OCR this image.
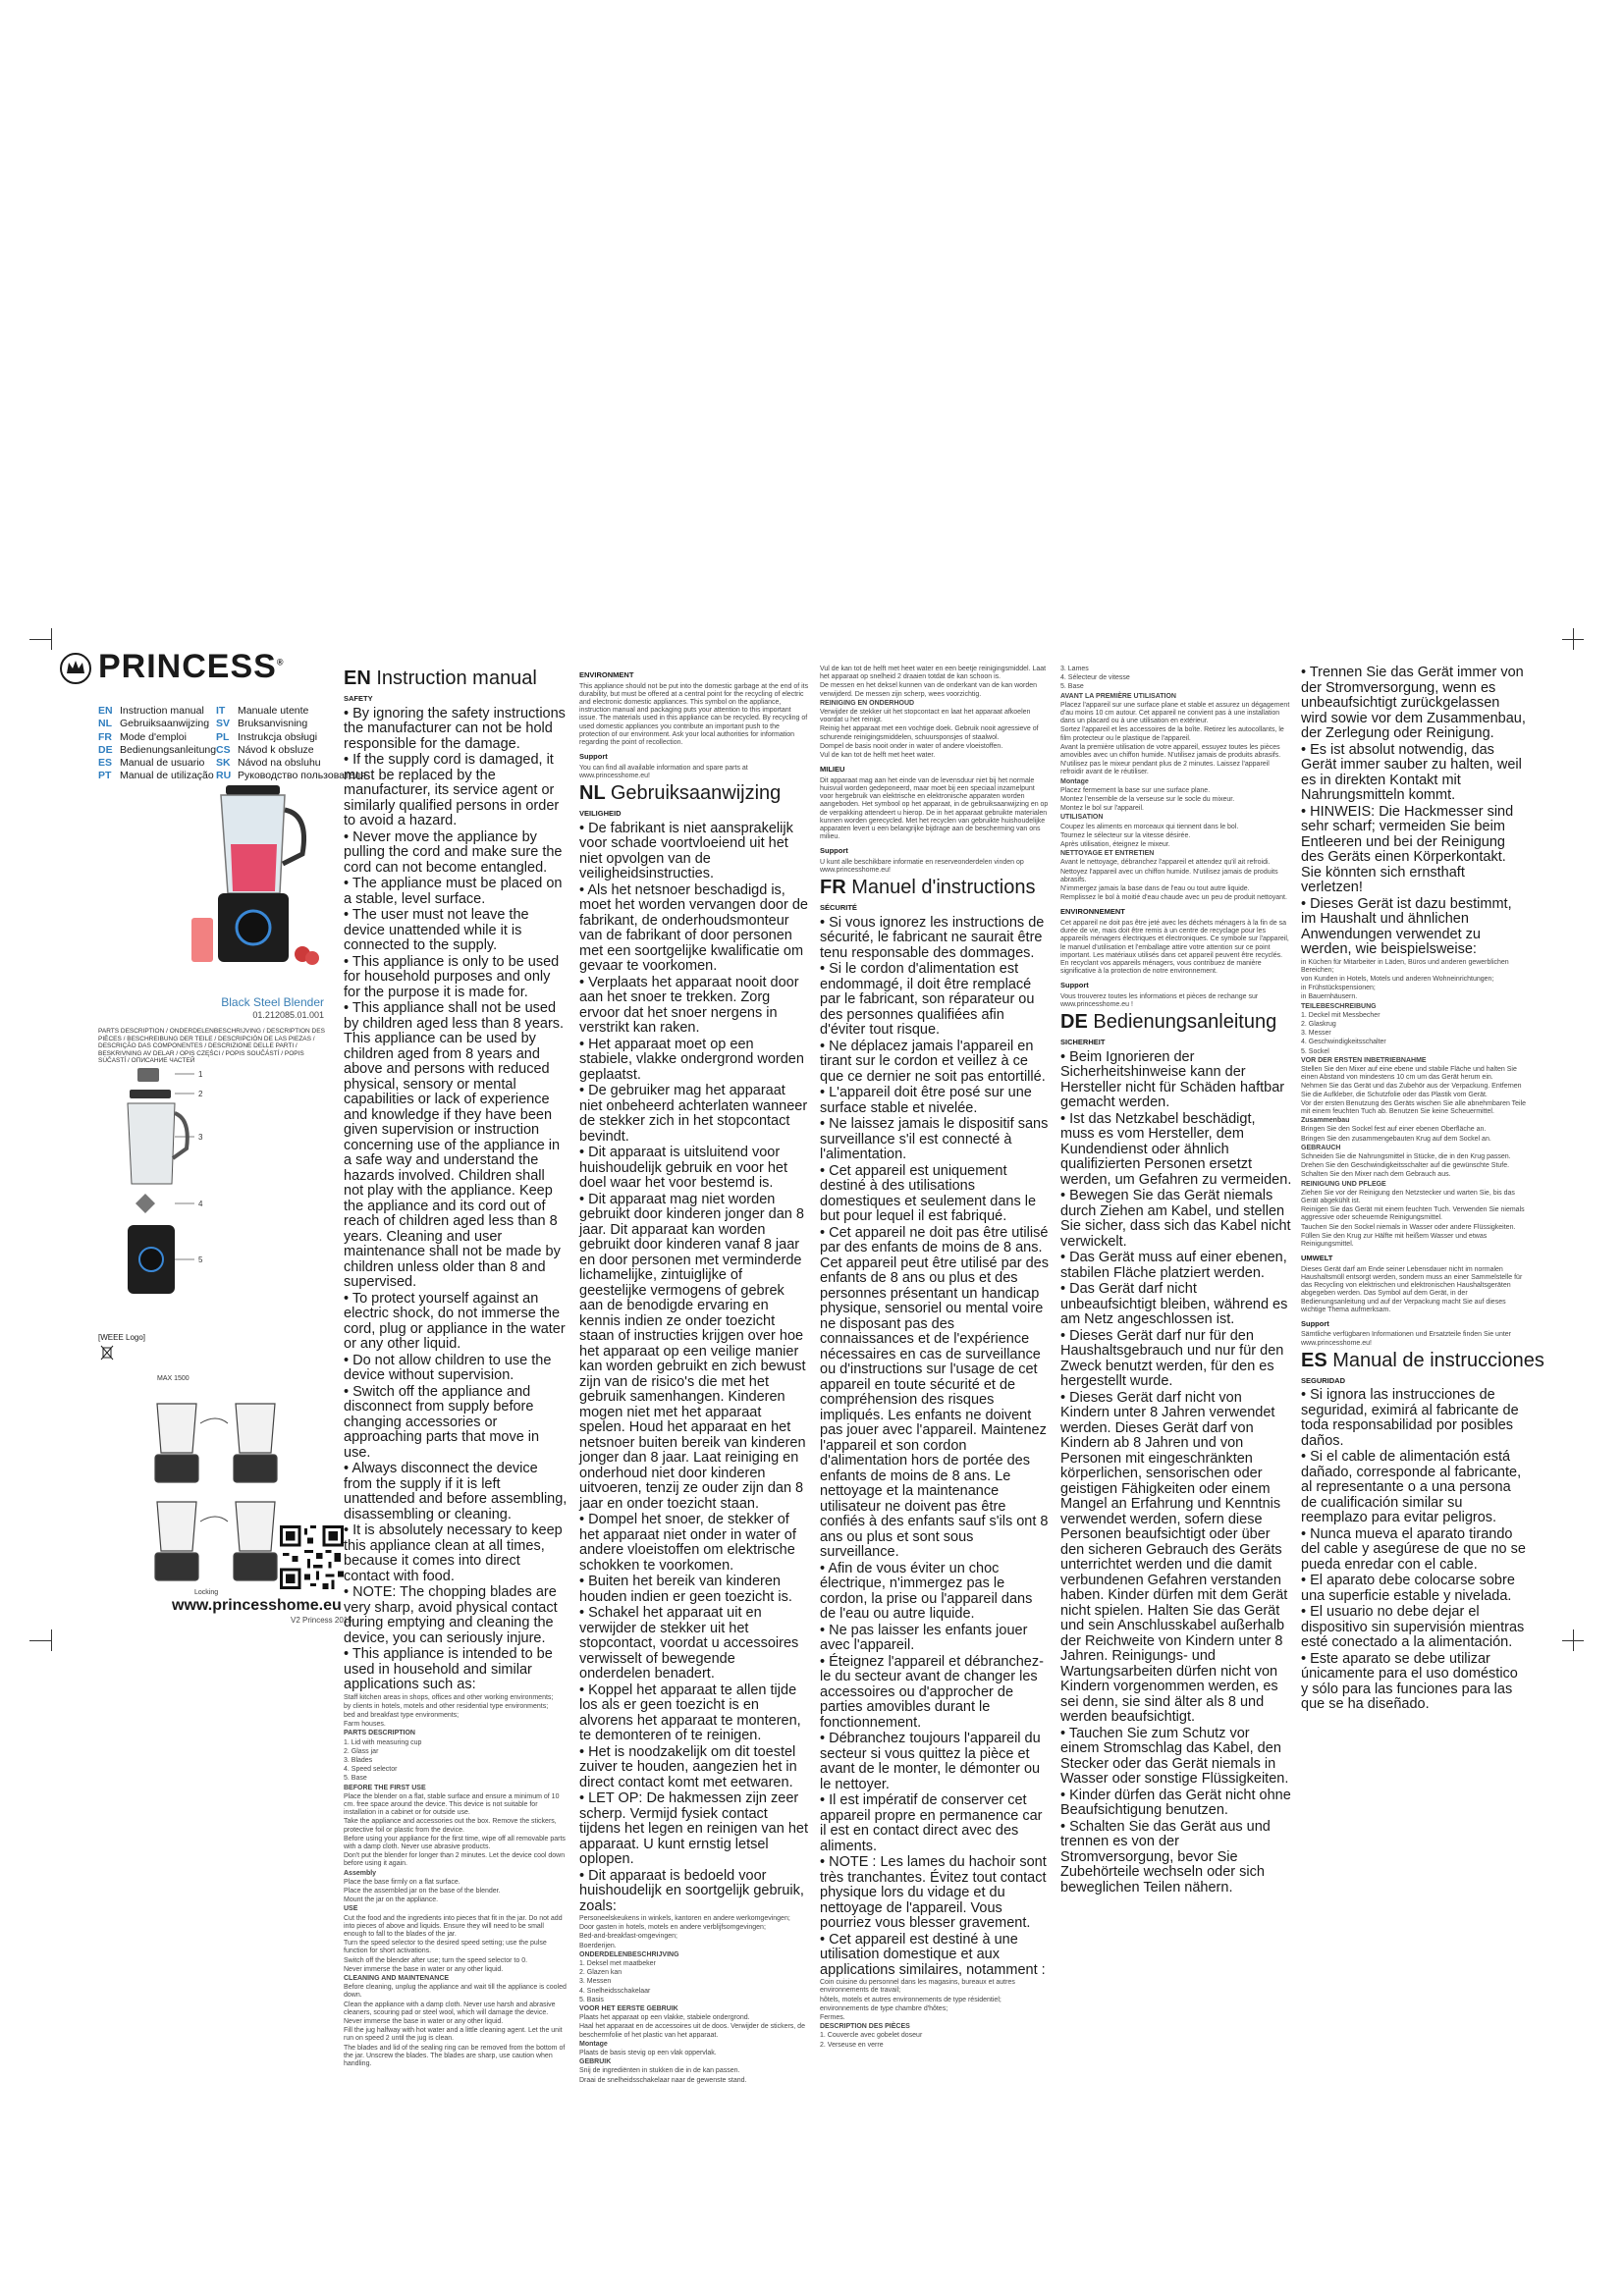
PRINCESS®
EN Instruction manual
NL Gebruiksaanwijzing
FR Mode d'emploi
DE Bedienungsanleitung
ES Manual de usuario
PT Manual de utilização
IT Manuale utente
SV Bruksanvisning
PL Instrukcja obsługi
CS Návod k obsluze
SK Návod na obsluhu
RU Руководство пользователя
Black Steel Blender
01.212085.01.001
PARTS DESCRIPTION / ONDERDELENBESCHRIJVING / DESCRIPTION DES PIÈCES / BESCHREIBUNG DER TEILE / DESCRIPCIÓN DE LAS PIEZAS / DESCRIÇÃO DAS COMPONENTES / DESCRIZIONE DELLE PARTI / BESKRIVNING AV DELAR / OPIS CZĘŚCI / POPIS SOUČÁSTÍ / POPIS SÚČASTÍ / ОПИСАНИЕ ЧАСТЕЙ
1
2
3
4
5
[WEEE Logo]
MAX 1500
Locking
www.princesshome.eu
V2 Princess 2015
EN Instruction manual
SAFETY

• By ignoring the safety instructions the manufacturer can not be hold responsible for the damage.

• If the supply cord is damaged, it must be replaced by the manufacturer, its service agent or similarly qualified persons in order to avoid a hazard.

• Never move the appliance by pulling the cord and make sure the cord can not become entangled.

• The appliance must be placed on a stable, level surface.

• The user must not leave the device unattended while it is connected to the supply.

• This appliance is only to be used for household purposes and only for the purpose it is made for.

• This appliance shall not be used by children aged less than 8 years. This appliance can be used by children aged from 8 years and above and persons with reduced physical, sensory or mental capabilities or lack of experience and knowledge if they have been given supervision or instruction concerning use of the appliance in a safe way and understand the hazards involved. Children shall not play with the appliance. Keep the appliance and its cord out of reach of children aged less than 8 years. Cleaning and user maintenance shall not be made by children unless older than 8 and supervised.

• To protect yourself against an electric shock, do not immerse the cord, plug or appliance in the water or any other liquid.

• Do not allow children to use the device without supervision.

• Switch off the appliance and disconnect from supply before changing accessories or approaching parts that move in use.

• Always disconnect the device from the supply if it is left unattended and before assembling, disassembling or cleaning.

• It is absolutely necessary to keep this appliance clean at all times, because it comes into direct contact with food.

• NOTE: The chopping blades are very sharp, avoid physical contact during emptying and cleaning the device, you can seriously injure.

• This appliance is intended to be used in household and similar applications such as:

Staff kitchen areas in shops, offices and other working environments;

by clients in hotels, motels and other residential type environments;

bed and breakfast type environments;

Farm houses.

PARTS DESCRIPTION

1. Lid with measuring cup

2. Glass jar

3. Blades

4. Speed selector

5. Base

BEFORE THE FIRST USE

Place the blender on a flat, stable surface and ensure a minimum of 10 cm. free space around the device. This device is not suitable for installation in a cabinet or for outside use.

Take the appliance and accessories out the box. Remove the stickers, protective foil or plastic from the device.

Before using your appliance for the first time, wipe off all removable parts with a damp cloth. Never use abrasive products.

Don't put the blender for longer than 2 minutes. Let the device cool down before using it again.

Assembly

Place the base firmly on a flat surface.

Place the assembled jar on the base of the blender.

Mount the jar on the appliance.

USE

Cut the food and the ingredients into pieces that fit in the jar. Do not add into pieces of above and liquids. Ensure they will need to be small enough to fall to the blades of the jar.

Turn the speed selector to the desired speed setting; use the pulse function for short activations.

Switch off the blender after use; turn the speed selector to 0.

Never immerse the base in water or any other liquid.

CLEANING AND MAINTENANCE

Before cleaning, unplug the appliance and wait till the appliance is cooled down.

Clean the appliance with a damp cloth. Never use harsh and abrasive cleaners, scouring pad or steel wool, which will damage the device.

Never immerse the base in water or any other liquid.

Fill the jug halfway with hot water and a little cleaning agent. Let the unit run on speed 2 until the jug is clean.

The blades and lid of the sealing ring can be removed from the bottom of the jar. Unscrew the blades. The blades are sharp, use caution when handling.

ENVIRONMENT

This appliance should not be put into the domestic garbage at the end of its durability, but must be offered at a central point for the recycling of electric and electronic domestic appliances. This symbol on the appliance, instruction manual and packaging puts your attention to this important issue. The materials used in this appliance can be recycled. By recycling of used domestic appliances you contribute an important push to the protection of our environment. Ask your local authorities for information regarding the point of recollection.

Support

You can find all available information and spare parts at www.princesshome.eu!

NL Gebruiksaanwijzing
VEILIGHEID

• De fabrikant is niet aansprakelijk voor schade voortvloeiend uit het niet opvolgen van de veiligheidsinstructies.

• Als het netsnoer beschadigd is, moet het worden vervangen door de fabrikant, de onderhoudsmonteur van de fabrikant of door personen met een soortgelijke kwalificatie om gevaar te voorkomen.

• Verplaats het apparaat nooit door aan het snoer te trekken. Zorg ervoor dat het snoer nergens in verstrikt kan raken.

• Het apparaat moet op een stabiele, vlakke ondergrond worden geplaatst.

• De gebruiker mag het apparaat niet onbeheerd achterlaten wanneer de stekker zich in het stopcontact bevindt.

• Dit apparaat is uitsluitend voor huishoudelijk gebruik en voor het doel waar het voor bestemd is.

• Dit apparaat mag niet worden gebruikt door kinderen jonger dan 8 jaar. Dit apparaat kan worden gebruikt door kinderen vanaf 8 jaar en door personen met verminderde lichamelijke, zintuiglijke of geestelijke vermogens of gebrek aan de benodigde ervaring en kennis indien ze onder toezicht staan of instructies krijgen over hoe het apparaat op een veilige manier kan worden gebruikt en zich bewust zijn van de risico's die met het gebruik samenhangen. Kinderen mogen niet met het apparaat spelen. Houd het apparaat en het netsnoer buiten bereik van kinderen jonger dan 8 jaar. Laat reiniging en onderhoud niet door kinderen uitvoeren, tenzij ze ouder zijn dan 8 jaar en onder toezicht staan.

• Dompel het snoer, de stekker of het apparaat niet onder in water of andere vloeistoffen om elektrische schokken te voorkomen.

• Buiten het bereik van kinderen houden indien er geen toezicht is.

• Schakel het apparaat uit en verwijder de stekker uit het stopcontact, voordat u accessoires verwisselt of bewegende onderdelen benadert.

• Koppel het apparaat te allen tijde los als er geen toezicht is en alvorens het apparaat te monteren, te demonteren of te reinigen.

• Het is noodzakelijk om dit toestel zuiver te houden, aangezien het in direct contact komt met eetwaren.

• LET OP: De hakmessen zijn zeer scherp. Vermijd fysiek contact tijdens het legen en reinigen van het apparaat. U kunt ernstig letsel oplopen.

• Dit apparaat is bedoeld voor huishoudelijk en soortgelijk gebruik, zoals:

Personeelskeukens in winkels, kantoren en andere werkomgevingen;

Door gasten in hotels, motels en andere verblijfsomgevingen;

Bed-and-breakfast-omgevingen;

Boerderijen.

ONDERDELENBESCHRIJVING

1. Deksel met maatbeker

2. Glazen kan

3. Messen

4. Snelheidsschakelaar

5. Basis

VOOR HET EERSTE GEBRUIK

Plaats het apparaat op een vlakke, stabiele ondergrond.

Haal het apparaat en de accessoires uit de doos. Verwijder de stickers, de beschermfolie of het plastic van het apparaat.

Montage

Plaats de basis stevig op een vlak oppervlak.

GEBRUIK

Snij de ingrediënten in stukken die in de kan passen.

Draai de snelheidsschakelaar naar de gewenste stand.

Vul de kan tot de helft met heet water en een beetje reinigingsmiddel. Laat het apparaat op snelheid 2 draaien totdat de kan schoon is.

De messen en het deksel kunnen van de onderkant van de kan worden verwijderd. De messen zijn scherp, wees voorzichtig.

REINIGING EN ONDERHOUD

Verwijder de stekker uit het stopcontact en laat het apparaat afkoelen voordat u het reinigt.

Reinig het apparaat met een vochtige doek. Gebruik nooit agressieve of schurende reinigingsmiddelen, schuursponsjes of staalwol.

Dompel de basis nooit onder in water of andere vloeistoffen.

Vul de kan tot de helft met heet water.

MILIEU

Dit apparaat mag aan het einde van de levensduur niet bij het normale huisvuil worden gedeponeerd, maar moet bij een speciaal inzamelpunt voor hergebruik van elektrische en elektronische apparaten worden aangeboden. Het symbool op het apparaat, in de gebruiksaanwijzing en op de verpakking attendeert u hierop. De in het apparaat gebruikte materialen kunnen worden gerecycled. Met het recyclen van gebruikte huishoudelijke apparaten levert u een belangrijke bijdrage aan de bescherming van ons milieu.

Support

U kunt alle beschikbare informatie en reserveonderdelen vinden op www.princesshome.eu!

FR Manuel d'instructions
SÉCURITÉ

• Si vous ignorez les instructions de sécurité, le fabricant ne saurait être tenu responsable des dommages.

• Si le cordon d'alimentation est endommagé, il doit être remplacé par le fabricant, son réparateur ou des personnes qualifiées afin d'éviter tout risque.

• Ne déplacez jamais l'appareil en tirant sur le cordon et veillez à ce que ce dernier ne soit pas entortillé.

• L'appareil doit être posé sur une surface stable et nivelée.

• Ne laissez jamais le dispositif sans surveillance s'il est connecté à l'alimentation.

• Cet appareil est uniquement destiné à des utilisations domestiques et seulement dans le but pour lequel il est fabriqué.

• Cet appareil ne doit pas être utilisé par des enfants de moins de 8 ans. Cet appareil peut être utilisé par des enfants de 8 ans ou plus et des personnes présentant un handicap physique, sensoriel ou mental voire ne disposant pas des connaissances et de l'expérience nécessaires en cas de surveillance ou d'instructions sur l'usage de cet appareil en toute sécurité et de compréhension des risques impliqués. Les enfants ne doivent pas jouer avec l'appareil. Maintenez l'appareil et son cordon d'alimentation hors de portée des enfants de moins de 8 ans. Le nettoyage et la maintenance utilisateur ne doivent pas être confiés à des enfants sauf s'ils ont 8 ans ou plus et sont sous surveillance.

• Afin de vous éviter un choc électrique, n'immergez pas le cordon, la prise ou l'appareil dans de l'eau ou autre liquide.

• Ne pas laisser les enfants jouer avec l'appareil.

• Éteignez l'appareil et débranchez-le du secteur avant de changer les accessoires ou d'approcher de parties amovibles durant le fonctionnement.

• Débranchez toujours l'appareil du secteur si vous quittez la pièce et avant de le monter, le démonter ou le nettoyer.

• Il est impératif de conserver cet appareil propre en permanence car il est en contact direct avec des aliments.

• NOTE : Les lames du hachoir sont très tranchantes. Évitez tout contact physique lors du vidage et du nettoyage de l'appareil. Vous pourriez vous blesser gravement.

• Cet appareil est destiné à une utilisation domestique et aux applications similaires, notamment :

Coin cuisine du personnel dans les magasins, bureaux et autres environnements de travail;

hôtels, motels et autres environnements de type résidentiel;

environnements de type chambre d'hôtes;

Fermes.

DESCRIPTION DES PIÈCES

1. Couvercle avec gobelet doseur

2. Verseuse en verre

3. Lames

4. Sélecteur de vitesse

5. Base

AVANT LA PREMIÈRE UTILISATION

Placez l'appareil sur une surface plane et stable et assurez un dégagement d'au moins 10 cm autour. Cet appareil ne convient pas à une installation dans un placard ou à une utilisation en extérieur.

Sortez l'appareil et les accessoires de la boîte. Retirez les autocollants, le film protecteur ou le plastique de l'appareil.

Avant la première utilisation de votre appareil, essuyez toutes les pièces amovibles avec un chiffon humide. N'utilisez jamais de produits abrasifs.

N'utilisez pas le mixeur pendant plus de 2 minutes. Laissez l'appareil refroidir avant de le réutiliser.

Montage

Placez fermement la base sur une surface plane.

Montez l'ensemble de la verseuse sur le socle du mixeur.

Montez le bol sur l'appareil.

UTILISATION

Coupez les aliments en morceaux qui tiennent dans le bol.

Tournez le sélecteur sur la vitesse désirée.

Après utilisation, éteignez le mixeur.

NETTOYAGE ET ENTRETIEN

Avant le nettoyage, débranchez l'appareil et attendez qu'il ait refroidi.

Nettoyez l'appareil avec un chiffon humide. N'utilisez jamais de produits abrasifs.

N'immergez jamais la base dans de l'eau ou tout autre liquide.

Remplissez le bol à moitié d'eau chaude avec un peu de produit nettoyant.

ENVIRONNEMENT

Cet appareil ne doit pas être jeté avec les déchets ménagers à la fin de sa durée de vie, mais doit être remis à un centre de recyclage pour les appareils ménagers électriques et électroniques. Ce symbole sur l'appareil, le manuel d'utilisation et l'emballage attire votre attention sur ce point important. Les matériaux utilisés dans cet appareil peuvent être recyclés. En recyclant vos appareils ménagers, vous contribuez de manière significative à la protection de notre environnement.

Support

Vous trouverez toutes les informations et pièces de rechange sur www.princesshome.eu !

DE Bedienungsanleitung
SICHERHEIT

• Beim Ignorieren der Sicherheitshinweise kann der Hersteller nicht für Schäden haftbar gemacht werden.

• Ist das Netzkabel beschädigt, muss es vom Hersteller, dem Kundendienst oder ähnlich qualifizierten Personen ersetzt werden, um Gefahren zu vermeiden.

• Bewegen Sie das Gerät niemals durch Ziehen am Kabel, und stellen Sie sicher, dass sich das Kabel nicht verwickelt.

• Das Gerät muss auf einer ebenen, stabilen Fläche platziert werden.

• Das Gerät darf nicht unbeaufsichtigt bleiben, während es am Netz angeschlossen ist.

• Dieses Gerät darf nur für den Haushaltsgebrauch und nur für den Zweck benutzt werden, für den es hergestellt wurde.

• Dieses Gerät darf nicht von Kindern unter 8 Jahren verwendet werden. Dieses Gerät darf von Kindern ab 8 Jahren und von Personen mit eingeschränkten körperlichen, sensorischen oder geistigen Fähigkeiten oder einem Mangel an Erfahrung und Kenntnis verwendet werden, sofern diese Personen beaufsichtigt oder über den sicheren Gebrauch des Geräts unterrichtet werden und die damit verbundenen Gefahren verstanden haben. Kinder dürfen mit dem Gerät nicht spielen. Halten Sie das Gerät und sein Anschlusskabel außerhalb der Reichweite von Kindern unter 8 Jahren. Reinigungs- und Wartungsarbeiten dürfen nicht von Kindern vorgenommen werden, es sei denn, sie sind älter als 8 und werden beaufsichtigt.

• Tauchen Sie zum Schutz vor einem Stromschlag das Kabel, den Stecker oder das Gerät niemals in Wasser oder sonstige Flüssigkeiten.

• Kinder dürfen das Gerät nicht ohne Beaufsichtigung benutzen.

• Schalten Sie das Gerät aus und trennen es von der Stromversorgung, bevor Sie Zubehörteile wechseln oder sich beweglichen Teilen nähern.

• Trennen Sie das Gerät immer von der Stromversorgung, wenn es unbeaufsichtigt zurückgelassen wird sowie vor dem Zusammenbau, der Zerlegung oder Reinigung.

• Es ist absolut notwendig, das Gerät immer sauber zu halten, weil es in direkten Kontakt mit Nahrungsmitteln kommt.

• HINWEIS: Die Hackmesser sind sehr scharf; vermeiden Sie beim Entleeren und bei der Reinigung des Geräts einen Körperkontakt. Sie könnten sich ernsthaft verletzen!

• Dieses Gerät ist dazu bestimmt, im Haushalt und ähnlichen Anwendungen verwendet zu werden, wie beispielsweise:

in Küchen für Mitarbeiter in Läden, Büros und anderen gewerblichen Bereichen;

von Kunden in Hotels, Motels und anderen Wohneinrichtungen;

in Frühstückspensionen;

in Bauernhäusern.

TEILEBESCHREIBUNG

1. Deckel mit Messbecher

2. Glaskrug

3. Messer

4. Geschwindigkeitsschalter

5. Sockel

VOR DER ERSTEN INBETRIEBNAHME

Stellen Sie den Mixer auf eine ebene und stabile Fläche und halten Sie einen Abstand von mindestens 10 cm um das Gerät herum ein.

Nehmen Sie das Gerät und das Zubehör aus der Verpackung. Entfernen Sie die Aufkleber, die Schutzfolie oder das Plastik vom Gerät.

Vor der ersten Benutzung des Geräts wischen Sie alle abnehmbaren Teile mit einem feuchten Tuch ab. Benutzen Sie keine Scheuermittel.

Zusammenbau

Bringen Sie den Sockel fest auf einer ebenen Oberfläche an.

Bringen Sie den zusammengebauten Krug auf dem Sockel an.

GEBRAUCH

Schneiden Sie die Nahrungsmittel in Stücke, die in den Krug passen.

Drehen Sie den Geschwindigkeitsschalter auf die gewünschte Stufe.

Schalten Sie den Mixer nach dem Gebrauch aus.

REINIGUNG UND PFLEGE

Ziehen Sie vor der Reinigung den Netzstecker und warten Sie, bis das Gerät abgekühlt ist.

Reinigen Sie das Gerät mit einem feuchten Tuch. Verwenden Sie niemals aggressive oder scheuernde Reinigungsmittel.

Tauchen Sie den Sockel niemals in Wasser oder andere Flüssigkeiten.

Füllen Sie den Krug zur Hälfte mit heißem Wasser und etwas Reinigungsmittel.

UMWELT

Dieses Gerät darf am Ende seiner Lebensdauer nicht im normalen Haushaltsmüll entsorgt werden, sondern muss an einer Sammelstelle für das Recycling von elektrischen und elektronischen Haushaltsgeräten abgegeben werden. Das Symbol auf dem Gerät, in der Bedienungsanleitung und auf der Verpackung macht Sie auf dieses wichtige Thema aufmerksam.

Support

Sämtliche verfügbaren Informationen und Ersatzteile finden Sie unter www.princesshome.eu!

ES Manual de instrucciones
SEGURIDAD

• Si ignora las instrucciones de seguridad, eximirá al fabricante de toda responsabilidad por posibles daños.

• Si el cable de alimentación está dañado, corresponde al fabricante, al representante o a una persona de cualificación similar su reemplazo para evitar peligros.

• Nunca mueva el aparato tirando del cable y asegúrese de que no se pueda enredar con el cable.

• El aparato debe colocarse sobre una superficie estable y nivelada.

• El usuario no debe dejar el dispositivo sin supervisión mientras esté conectado a la alimentación.

• Este aparato se debe utilizar únicamente para el uso doméstico y sólo para las funciones para las que se ha diseñado.
